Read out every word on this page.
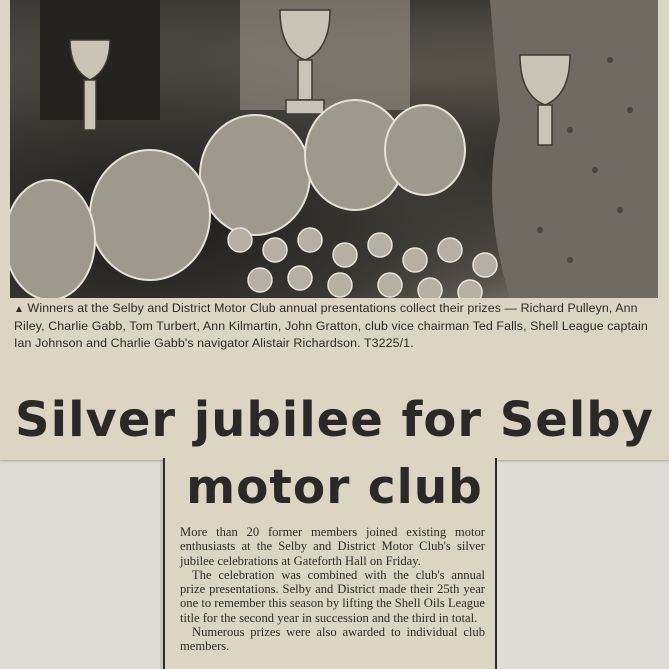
▲ Winners at the Selby and District Motor Club annual presentations collect their prizes — Richard Pulleyn, Ann Riley, Charlie Gabb, Tom Turbert, Ann Kilmartin, John Gratton, club vice chairman Ted Falls, Shell League captain Ian Johnson and Charlie Gabb's navigator Alistair Richardson. T3225/1.
Silver jubilee for Selby
motor club

More than 20 former members joined existing motor enthusiasts at the Selby and District Motor Club's silver jubilee celebrations at Gateforth Hall on Friday.

The celebration was combined with the club's annual prize presentations. Selby and District made their 25th year one to remember this season by lifting the Shell Oils League title for the second year in succession and the third in total.

Numerous prizes were also awarded to individual club members.
